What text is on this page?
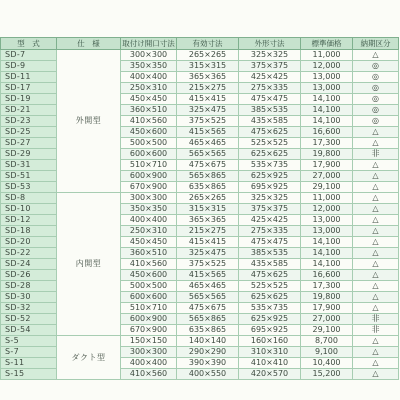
型　式	仕　様	取付け開口寸法	有効寸法	外形寸法	標準価格	納期区分
SD-7	外開型	300×300	265×265	325×325	11,000	△
SD-9		350×350	315×315	375×375	12,000	◎
SD-11		400×400	365×365	425×425	13,000	◎
SD-17		250×310	215×275	275×335	13,000	◎
SD-19		450×450	415×415	475×475	14,100	◎
SD-21		360×510	325×475	385×535	14,100	◎
SD-23		410×560	375×525	435×585	14,100	◎
SD-25		450×600	415×565	475×625	16,600	△
SD-27		500×500	465×465	525×525	17,300	△
SD-29		600×600	565×565	625×625	19,800	非
SD-31		510×710	475×675	535×735	17,900	△
SD-51		600×900	565×865	625×925	27,000	△
SD-53		670×900	635×865	695×925	29,100	△
SD-8	内開型	300×300	265×265	325×325	11,000	△
SD-10		350×350	315×315	375×375	12,000	△
SD-12		400×400	365×365	425×425	13,000	△
SD-18		250×310	215×275	275×335	13,000	△
SD-20		450×450	415×415	475×475	14,100	△
SD-22		360×510	325×475	385×535	14,100	△
SD-24		410×560	375×525	435×585	14,100	△
SD-26		450×600	415×565	475×625	16,600	△
SD-28		500×500	465×465	525×525	17,300	△
SD-30		600×600	565×565	625×625	19,800	△
SD-32		510×710	475×675	535×735	17,900	△
SD-52		600×900	565×865	625×925	27,000	非
SD-54		670×900	635×865	695×925	29,100	非
S-5	ダクト型	150×150	140×140	160×160	8,700	△
S-7		300×300	290×290	310×310	9,100	△
S-11		400×400	390×390	410×410	10,400	△
S-15		410×560	400×550	420×570	15,200	△
